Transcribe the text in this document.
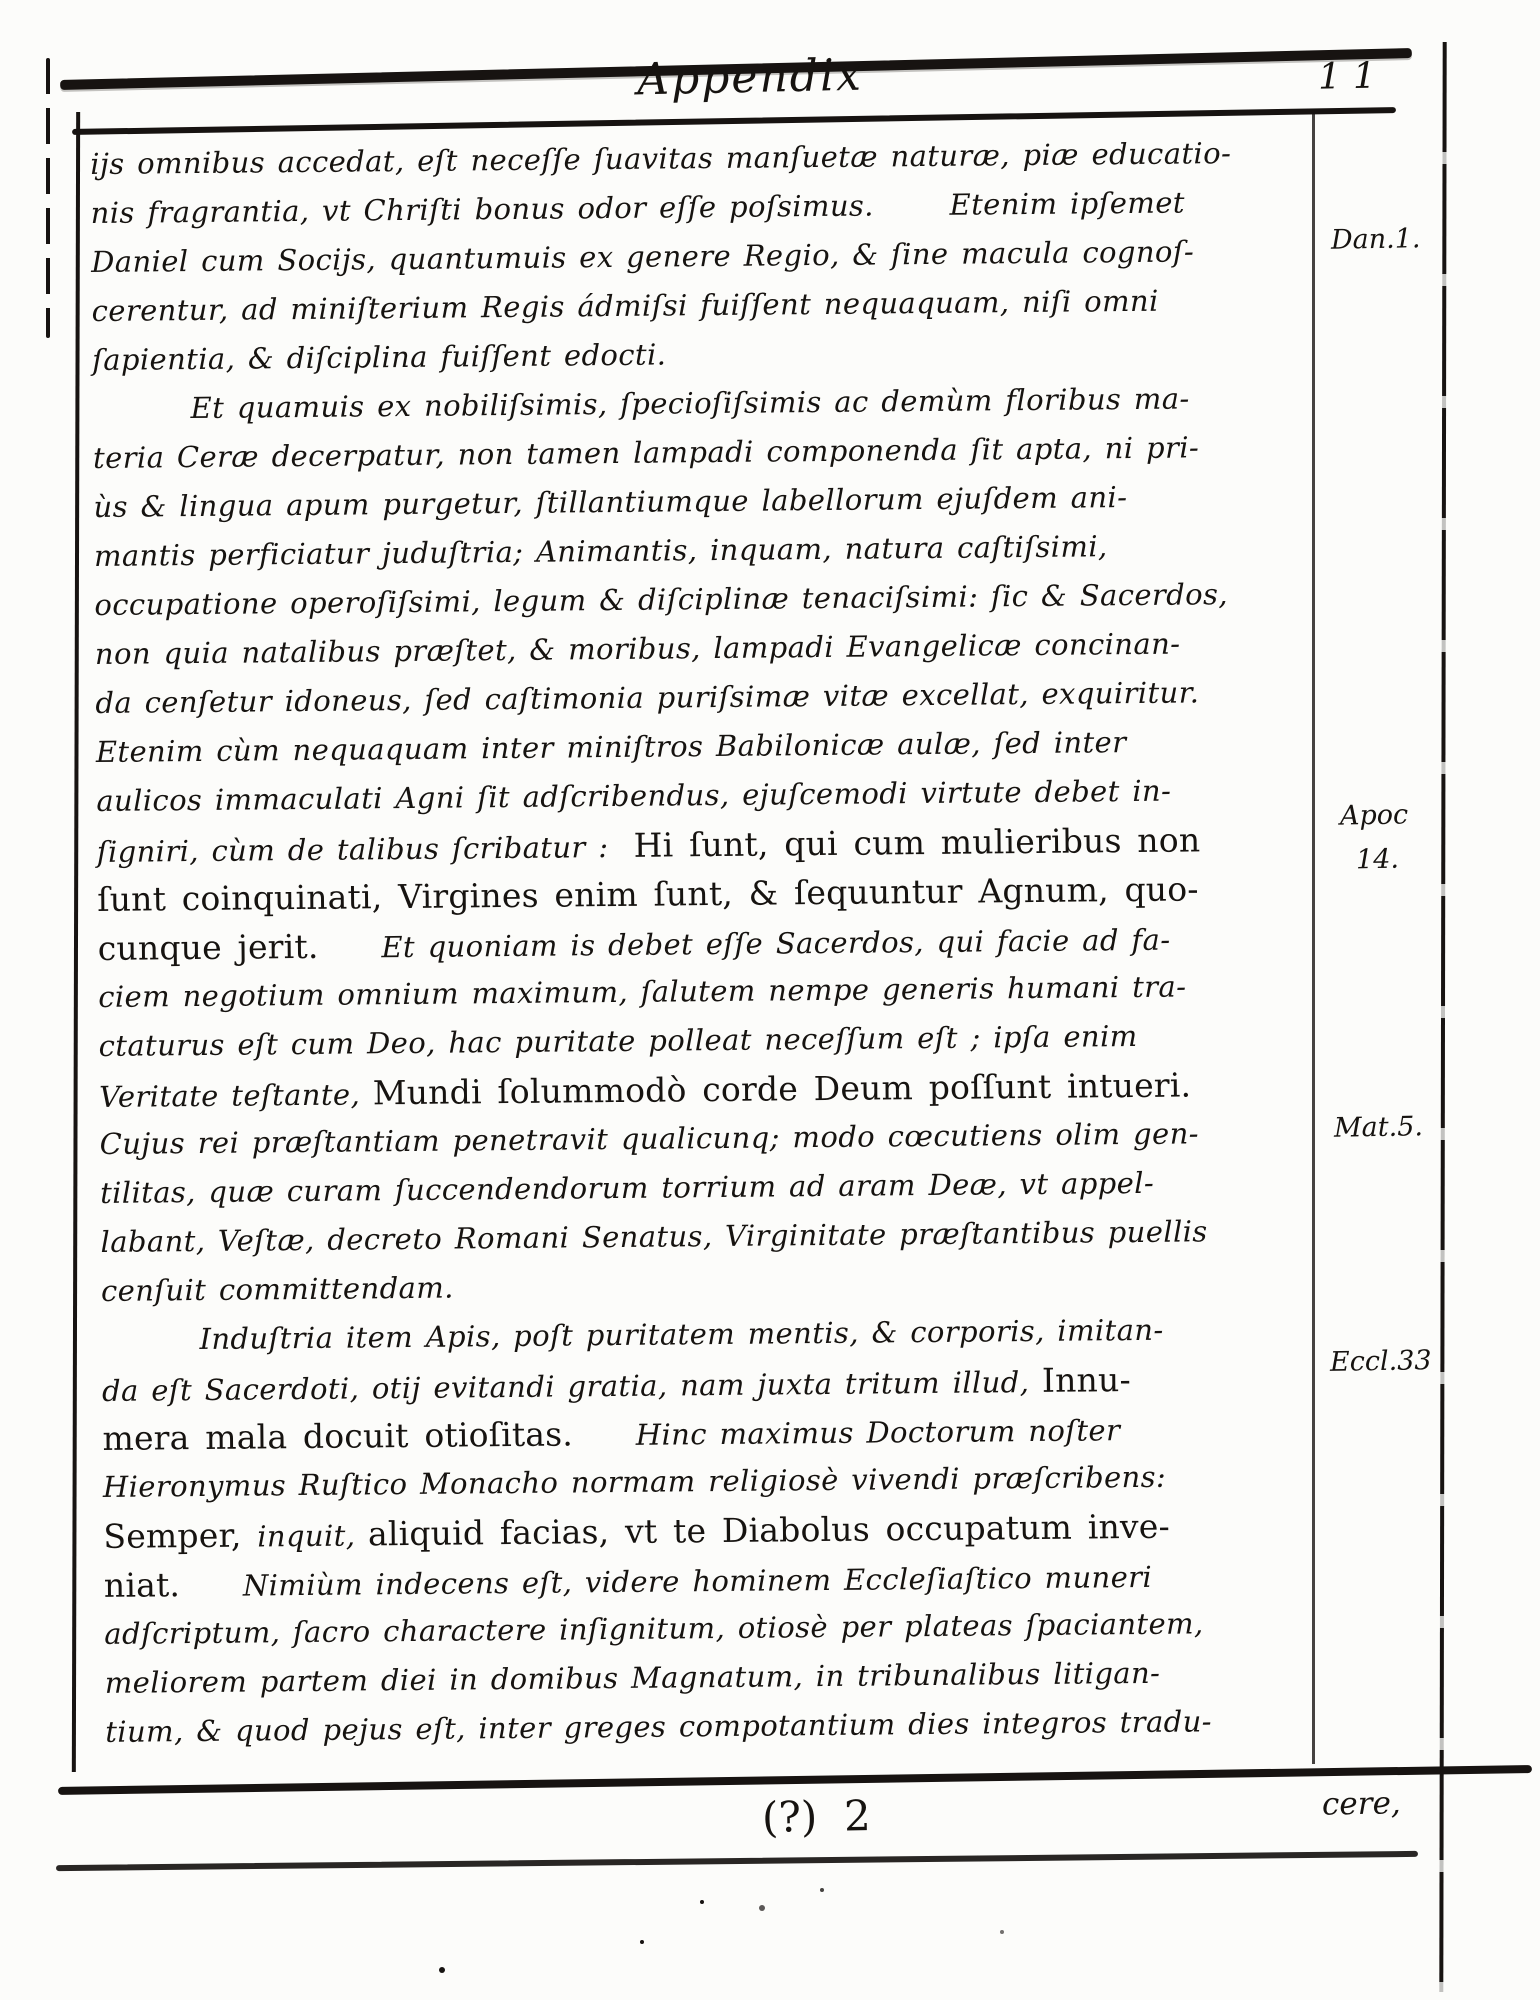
Appendix	11
ijs omnibus accedat, eſt neceſſe ſuavitas manſuetæ naturæ, piæ educatio-
nis fragrantia, vt Chriſti bonus odor eſſe poſsimus.      Etenim ipſemet
Daniel cum Socijs, quantumuis ex genere Regio, & ſine macula cognoſ-
cerentur, ad miniſterium Regis ádmiſsi fuiſſent nequaquam, niſi omni
ſapientia, & diſciplina fuiſſent edocti.
Et quamuis ex nobiliſsimis, ſpecioſiſsimis ac demùm floribus ma-
teria Ceræ decerpatur, non tamen lampadi componenda ſit apta, ni pri-
ùs & lingua apum purgetur, ſtillantiumque labellorum ejuſdem ani-
mantis perficiatur juduſtria; Animantis, inquam, natura caſtiſsimi,
occupatione operoſiſsimi, legum & diſciplinæ tenaciſsimi: ſic & Sacerdos,
non quia natalibus præſtet, & moribus, lampadi Evangelicæ concinan-
da cenſetur idoneus, ſed caſtimonia puriſsimæ vitæ excellat, exquiritur.
Etenim cùm nequaquam inter miniſtros Babilonicæ aulæ, ſed inter
aulicos immaculati Agni ſit adſcribendus, ejuſcemodi virtute debet in-
ſigniri, cùm de talibus ſcribatur :  Hi ſunt, qui cum mulieribus non
ſunt coinquinati, Virgines enim ſunt, & ſequuntur Agnum, quo-
cunque jerit.    Et quoniam is debet eſſe Sacerdos, qui facie ad fa-
ciem negotium omnium maximum, ſalutem nempe generis humani tra-
ctaturus eſt cum Deo, hac puritate polleat neceſſum eſt ; ipſa enim
Veritate teſtante, Mundi ſolummodò corde Deum poſſunt intueri.
Cujus rei præſtantiam penetravit qualicunq; modo cœcutiens olim gen-
tilitas, quæ curam ſuccendendorum torrium ad aram Deæ, vt appel-
labant, Veſtæ, decreto Romani Senatus, Virginitate præſtantibus puellis
cenſuit committendam.
Induſtria item Apis, poſt puritatem mentis, & corporis, imitan-
da eſt Sacerdoti, otij evitandi gratia, nam juxta tritum illud, Innu-
mera mala docuit otioſitas.    Hinc maximus Doctorum noſter
Hieronymus Ruſtico Monacho normam religiosè vivendi præſcribens:
Semper, inquit, aliquid facias, vt te Diabolus occupatum inve-
niat.    Nimiùm indecens eſt, videre hominem Eccleſiaſtico muneri
adſcriptum, ſacro charactere inſignitum, otiosè per plateas ſpaciantem,
meliorem partem diei in domibus Magnatum, in tribunalibus litigan-
tium, & quod pejus eſt, inter greges compotantium dies integros tradu-
Dan.1.
Apoc
14.
Mat.5.
Eccl.33
(?)  2	cere,
